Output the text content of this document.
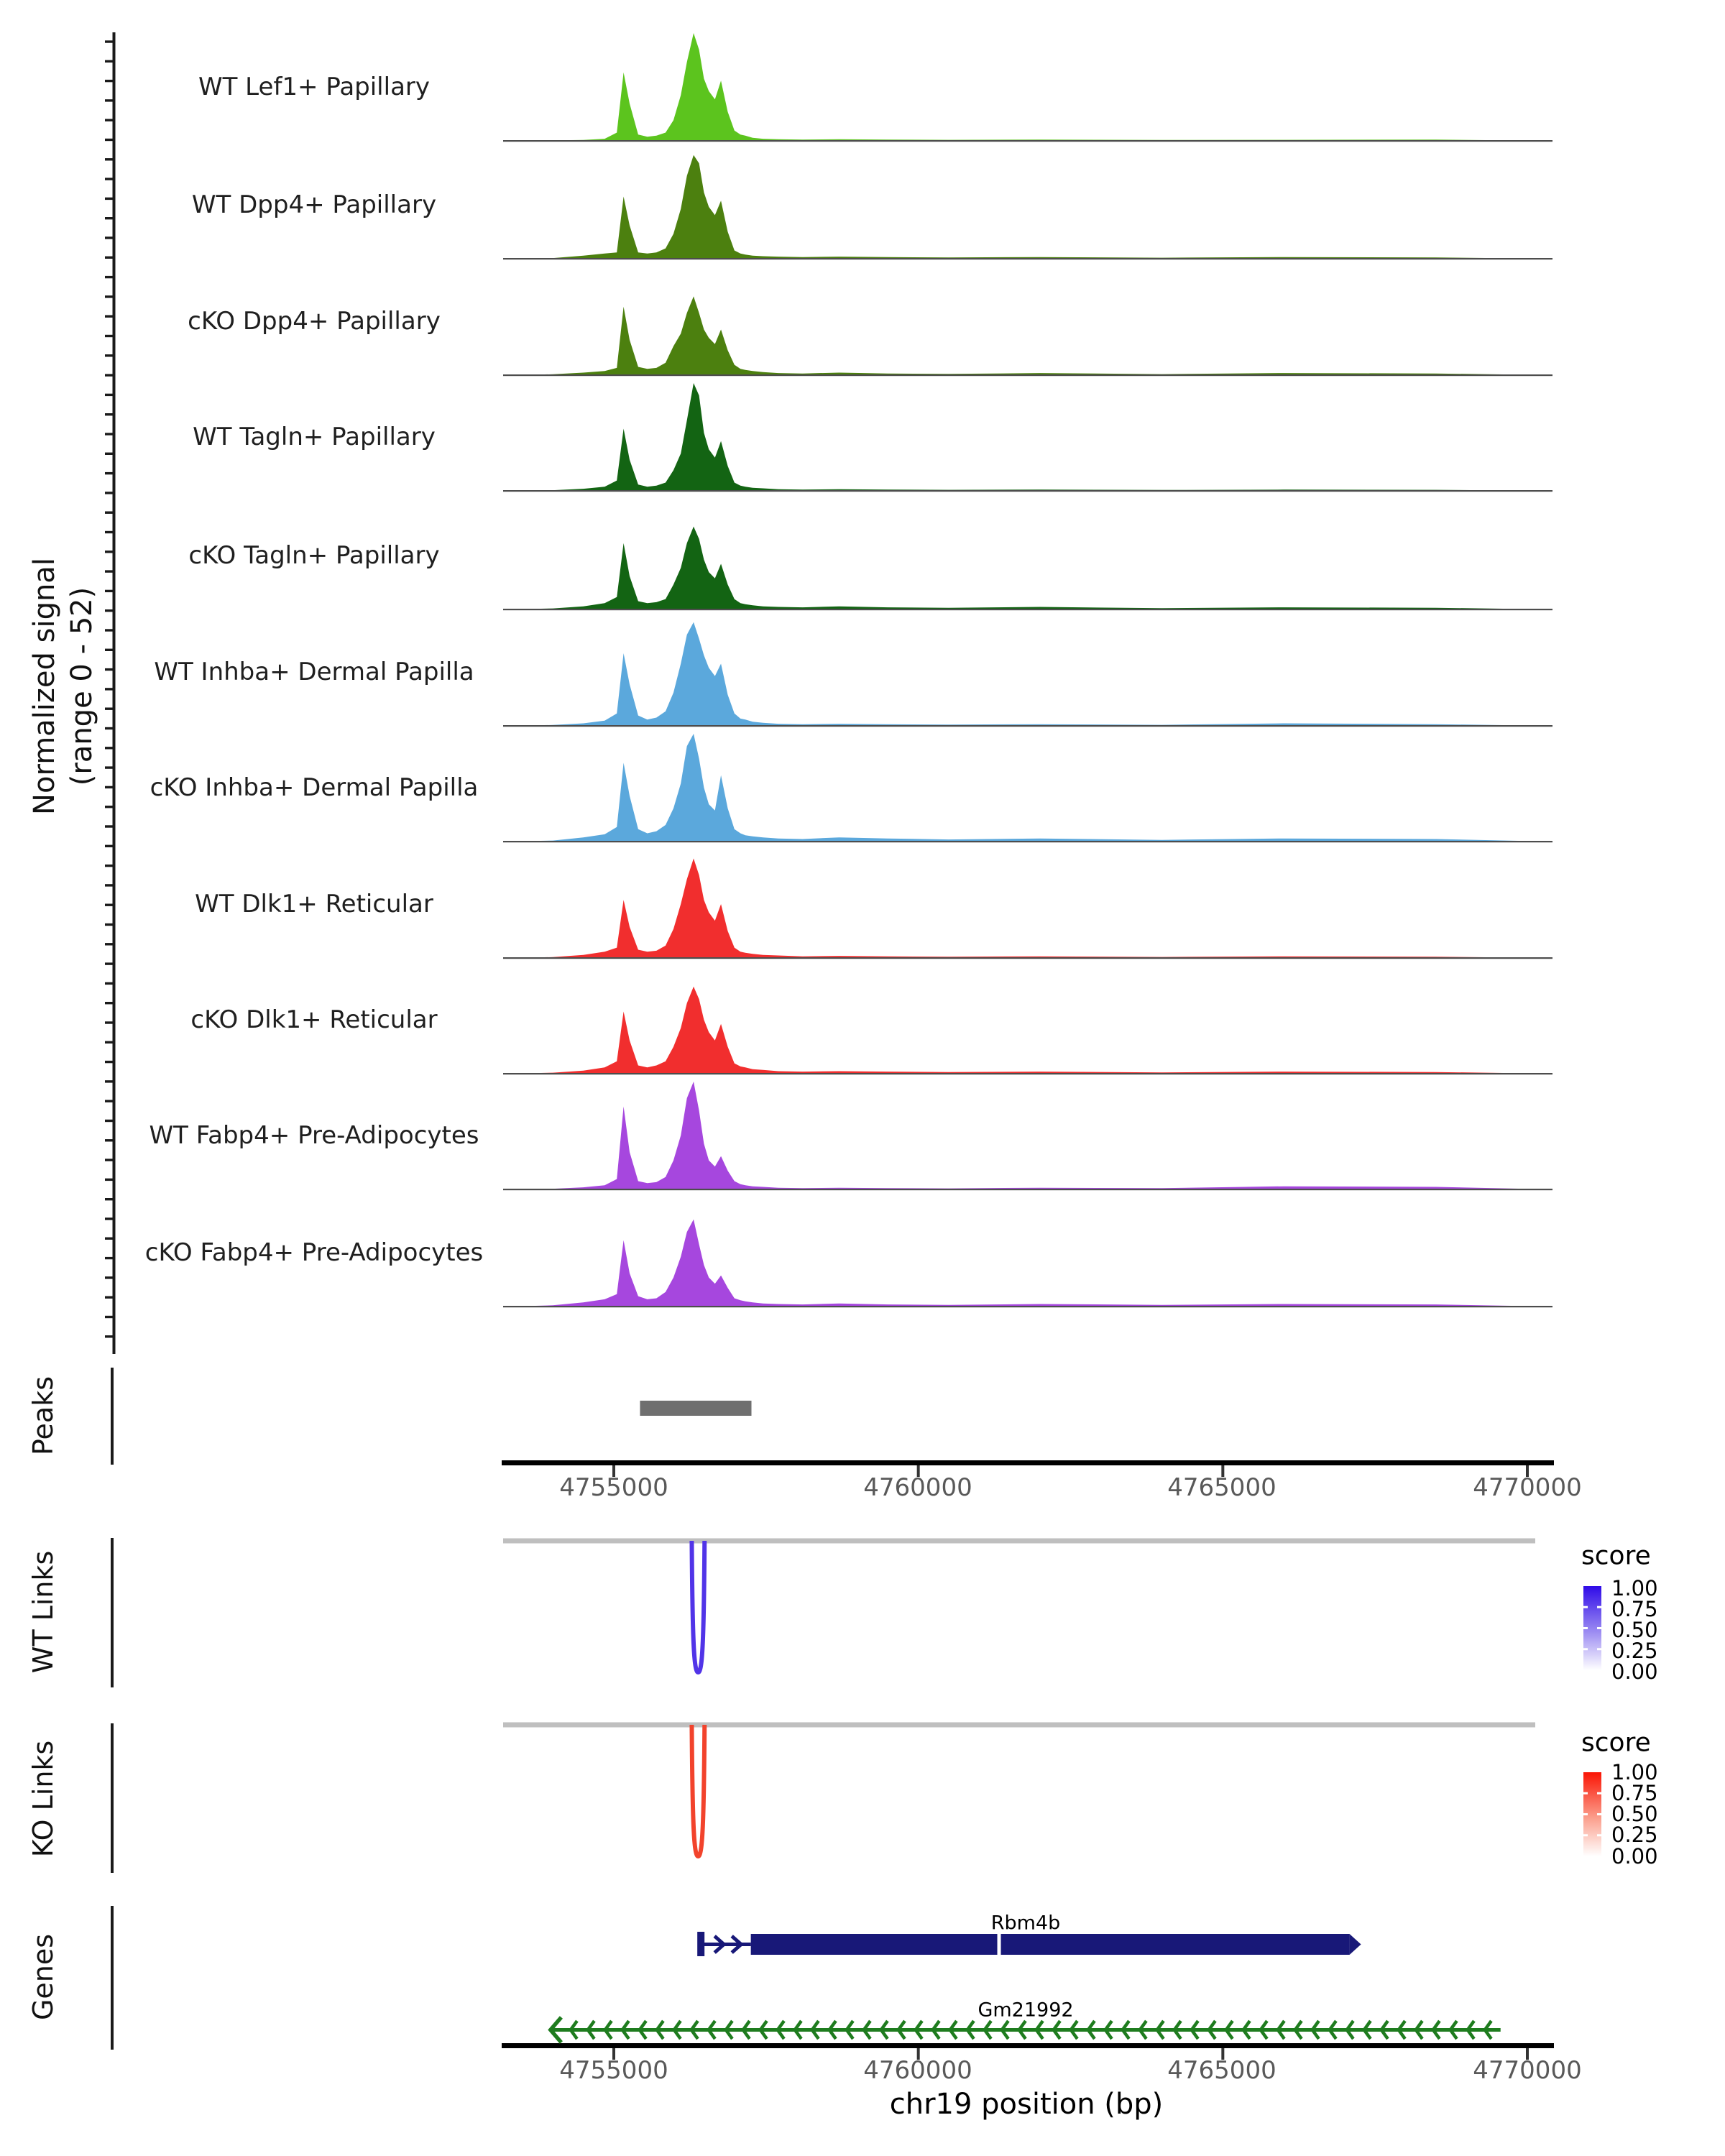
Normalized signal (range 0 - 52)
WT Lef1+ Papillary
WT Dpp4+ Papillary
cKO Dpp4+ Papillary
WT Tagln+ Papillary
cKO Tagln+ Papillary
WT Inhba+ Dermal Papilla
cKO Inhba+ Dermal Papilla
WT Dlk1+ Reticular
cKO Dlk1+ Reticular
WT Fabp4+ Pre-Adipocytes
cKO Fabp4+ Pre-Adipocytes
Peaks
WT Links
KO Links
Genes
4755000	4760000	4765000	4770000
score
1.00
0.75
0.50
0.25
0.00
score
1.00
0.75
0.50
0.25
0.00
Rbm4b
Gm21992
4755000	4760000	4765000	4770000
chr19 position (bp)
